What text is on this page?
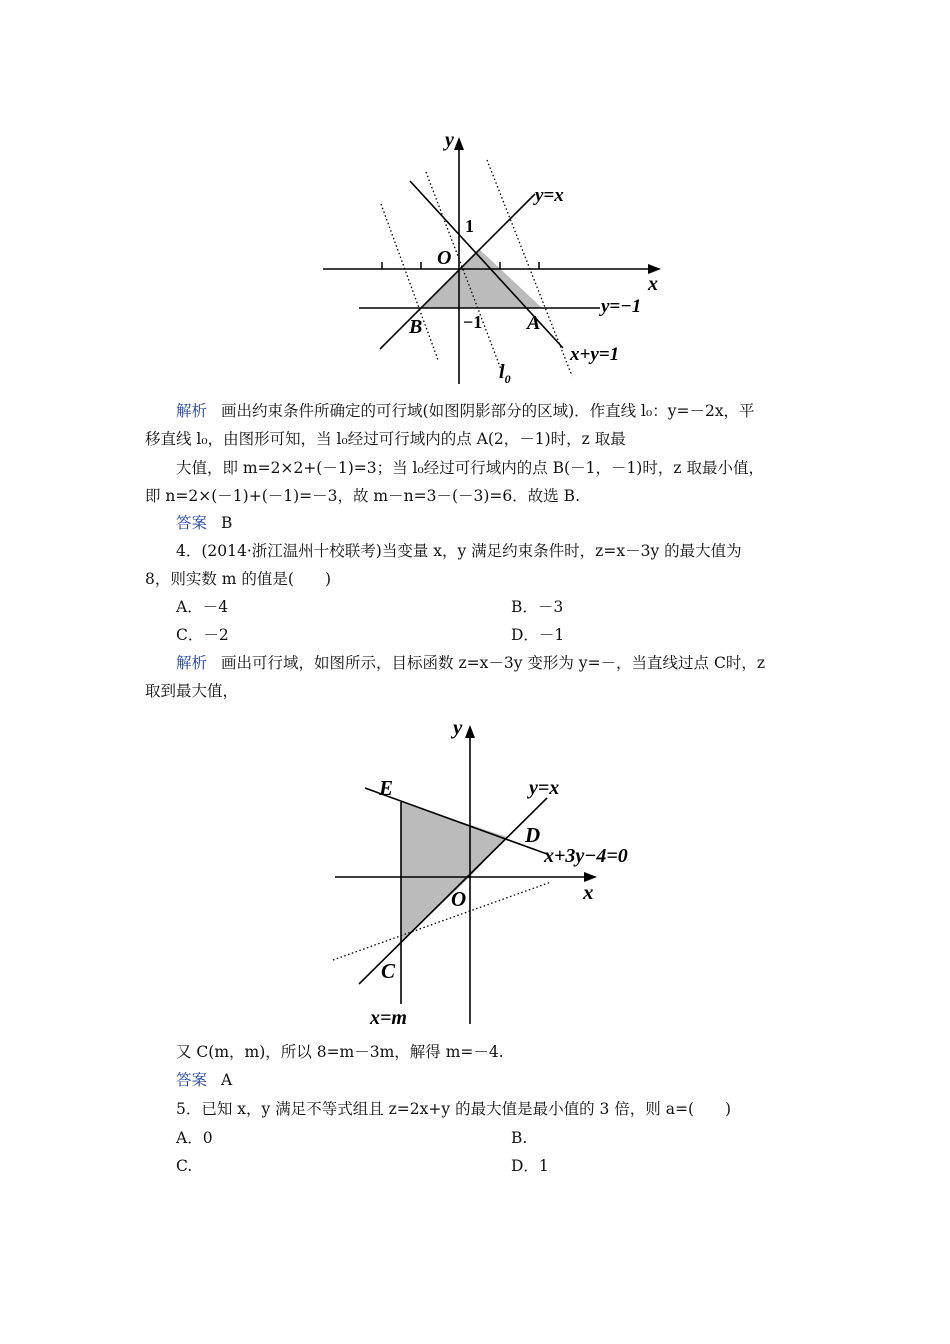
y
x
O
1
−1
B	A
y=x
y=−1
x+y=1
$l_0$
解析 画出约束条件所确定的可行域(如图阴影部分的区域)．作直线 l₀：y=－2x，平
移直线 l₀，由图形可知，当 l₀经过可行域内的点 A(2，－1)时，z 取最
大值，即 m=2×2+(－1)=3；当 l₀经过可行域内的点 B(－1，－1)时，z 取最小值，
即 n=2×(－1)+(－1)=－3，故 m－n=3－(－3)=6．故选 B.
答案 B
4．(2014·浙江温州十校联考)当变量 x，y 满足约束条件时，z=x－3y 的最大值为
8，则实数 m 的值是(　　)
A．－4	B．－3
C．－2	D．－1
解析 画出可行域，如图所示，目标函数 z=x－3y 变形为 y=－，当直线过点 C时，z
取到最大值，
y
x
O
E
D
C
y=x
x+3y−4=0
x=m
又 C(m，m)，所以 8=m－3m，解得 m=－4.
答案 A
5．已知 x，y 满足不等式组且 z=2x+y 的最大值是最小值的 3 倍，则 a=(　　)
A．0	B.
C.	D．1
